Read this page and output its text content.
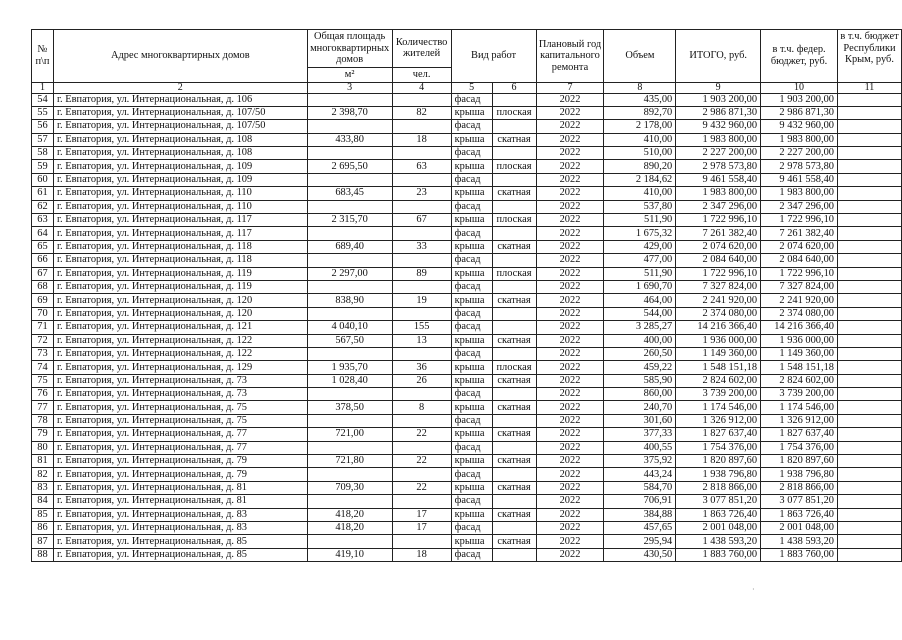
№ п\п	Адрес многоквартирных домов	Общая площадь многоквартирных домов	Количество жителей	Вид работ		Плановый год капитального ремонта	Объем	ИТОГО, руб.	в т.ч. федер. бюджет, руб.	в т.ч. бюджет Республики Крым, руб.
		м²	чел.							
1	2	3	4	5	6	7	8	9	10	11
54	г. Евпатория, ул. Интернациональная, д. 106			фасад		2022	435,00	1 903 200,00	1 903 200,00	
55	г. Евпатория, ул. Интернациональная, д. 107/50	2 398,70	82	крыша	плоская	2022	892,70	2 986 871,30	2 986 871,30	
56	г. Евпатория, ул. Интернациональная, д. 107/50			фасад		2022	2 178,00	9 432 960,00	9 432 960,00	
57	г. Евпатория, ул. Интернациональная, д. 108	433,80	18	крыша	скатная	2022	410,00	1 983 800,00	1 983 800,00	
58	г. Евпатория, ул. Интернациональная, д. 108			фасад		2022	510,00	2 227 200,00	2 227 200,00	
59	г. Евпатория, ул. Интернациональная, д. 109	2 695,50	63	крыша	плоская	2022	890,20	2 978 573,80	2 978 573,80	
60	г. Евпатория, ул. Интернациональная, д. 109			фасад		2022	2 184,62	9 461 558,40	9 461 558,40	
61	г. Евпатория, ул. Интернациональная, д. 110	683,45	23	крыша	скатная	2022	410,00	1 983 800,00	1 983 800,00	
62	г. Евпатория, ул. Интернациональная, д. 110			фасад		2022	537,80	2 347 296,00	2 347 296,00	
63	г. Евпатория, ул. Интернациональная, д. 117	2 315,70	67	крыша	плоская	2022	511,90	1 722 996,10	1 722 996,10	
64	г. Евпатория, ул. Интернациональная, д. 117			фасад		2022	1 675,32	7 261 382,40	7 261 382,40	
65	г. Евпатория, ул. Интернациональная, д. 118	689,40	33	крыша	скатная	2022	429,00	2 074 620,00	2 074 620,00	
66	г. Евпатория, ул. Интернациональная, д. 118			фасад		2022	477,00	2 084 640,00	2 084 640,00	
67	г. Евпатория, ул. Интернациональная, д. 119	2 297,00	89	крыша	плоская	2022	511,90	1 722 996,10	1 722 996,10	
68	г. Евпатория, ул. Интернациональная, д. 119			фасад		2022	1 690,70	7 327 824,00	7 327 824,00	
69	г. Евпатория, ул. Интернациональная, д. 120	838,90	19	крыша	скатная	2022	464,00	2 241 920,00	2 241 920,00	
70	г. Евпатория, ул. Интернациональная, д. 120			фасад		2022	544,00	2 374 080,00	2 374 080,00	
71	г. Евпатория, ул. Интернациональная, д. 121	4 040,10	155	фасад		2022	3 285,27	14 216 366,40	14 216 366,40	
72	г. Евпатория, ул. Интернациональная, д. 122	567,50	13	крыша	скатная	2022	400,00	1 936 000,00	1 936 000,00	
73	г. Евпатория, ул. Интернациональная, д. 122			фасад		2022	260,50	1 149 360,00	1 149 360,00	
74	г. Евпатория, ул. Интернациональная, д. 129	1 935,70	36	крыша	плоская	2022	459,22	1 548 151,18	1 548 151,18	
75	г. Евпатория, ул. Интернациональная, д. 73	1 028,40	26	крыша	скатная	2022	585,90	2 824 602,00	2 824 602,00	
76	г. Евпатория, ул. Интернациональная, д. 73			фасад		2022	860,00	3 739 200,00	3 739 200,00	
77	г. Евпатория, ул. Интернациональная, д. 75	378,50	8	крыша	скатная	2022	240,70	1 174 546,00	1 174 546,00	
78	г. Евпатория, ул. Интернациональная, д. 75			фасад		2022	301,60	1 326 912,00	1 326 912,00	
79	г. Евпатория, ул. Интернациональная, д. 77	721,00	22	крыша	скатная	2022	377,33	1 827 637,40	1 827 637,40	
80	г. Евпатория, ул. Интернациональная, д. 77			фасад		2022	400,55	1 754 376,00	1 754 376,00	
81	г. Евпатория, ул. Интернациональная, д. 79	721,80	22	крыша	скатная	2022	375,92	1 820 897,60	1 820 897,60	
82	г. Евпатория, ул. Интернациональная, д. 79			фасад		2022	443,24	1 938 796,80	1 938 796,80	
83	г. Евпатория, ул. Интернациональная, д. 81	709,30	22	крыша	скатная	2022	584,70	2 818 866,00	2 818 866,00	
84	г. Евпатория, ул. Интернациональная, д. 81			фасад		2022	706,91	3 077 851,20	3 077 851,20	
85	г. Евпатория, ул. Интернациональная, д. 83	418,20	17	крыша	скатная	2022	384,88	1 863 726,40	1 863 726,40	
86	г. Евпатория, ул. Интернациональная, д. 83	418,20	17	фасад		2022	457,65	2 001 048,00	2 001 048,00	
87	г. Евпатория, ул. Интернациональная, д. 85			крыша	скатная	2022	295,94	1 438 593,20	1 438 593,20	
88	г. Евпатория, ул. Интернациональная, д. 85	419,10	18	фасад		2022	430,50	1 883 760,00	1 883 760,00	
·
